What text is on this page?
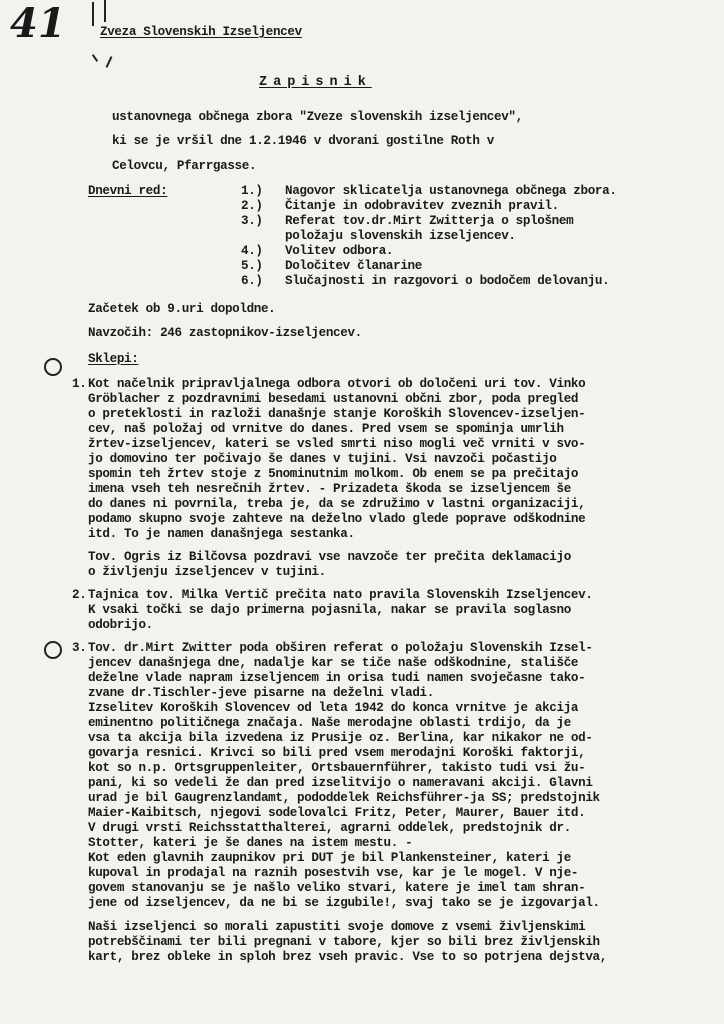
41	Zveza Slovenskih Izseljencev
Zapisnik
ustanovnega občnega zbora "Zveze slovenskih izseljencev",
ki se je vršil dne 1.2.1946 v dvorani gostilne Roth v
Celovcu, Pfarrgasse.
Dnevni red:	1.) Nagovor sklicatelja ustanovnega občnega zbora.
2.) Čitanje in odobravitev zveznih pravil.
3.) Referat tov.dr.Mirt Zwitterja o splošnem
položaju slovenskih izseljencev.
4.) Volitev odbora.
5.) Določitev članarine
6.) Slučajnosti in razgovori o bodočem delovanju.
Začetek ob 9.uri dopoldne.
Navzočih: 246 zastopnikov-izseljencev.
Sklepi:
1. Kot načelnik pripravljalnega odbora otvori ob določeni uri tov. Vinko
Gröblacher z pozdravnimi besedami ustanovni občni zbor, poda pregled
o preteklosti in razloži današnje stanje Koroških Slovencev-izseljen-
cev, naš položaj od vrnitve do danes. Pred vsem se spominja umrlih
žrtev-izseljencev, kateri se vsled smrti niso mogli več vrniti v svo-
jo domovino ter počivajo še danes v tujini. Vsi navzoči počastijo
spomin teh žrtev stoje z 5nominutnim molkom. Ob enem se pa prečitajo
imena vseh teh nesrečnih žrtev. - Prizadeta škoda se izseljencem še
do danes ni povrnila, treba je, da se združimo v lastni organizaciji,
podamo skupno svoje zahteve na deželno vlado glede poprave odškodnine
itd. To je namen današnjega sestanka.
Tov. Ogris iz Bilčovsa pozdravi vse navzoče ter prečita deklamacijo
o življenju izseljencev v tujini.
2. Tajnica tov. Milka Vertič prečita nato pravila Slovenskih Izseljencev.
K vsaki točki se dajo primerna pojasnila, nakar se pravila soglasno
odobrijo.
3. Tov. dr.Mirt Zwitter poda obširen referat o položaju Slovenskih Izsel-
jencev današnjega dne, nadalje kar se tiče naše odškodnine, stališče
deželne vlade napram izseljencem in orisa tudi namen svoječasne tako-
zvane dr.Tischler-jeve pisarne na deželni vladi.
Izselitev Koroških Slovencev od leta 1942 do konca vrnitve je akcija
eminentno političnega značaja. Naše merodajne oblasti trdijo, da je
vsa ta akcija bila izvedena iz Prusije oz. Berlina, kar nikakor ne od-
govarja resnici. Krivci so bili pred vsem merodajni Koroški faktorji,
kot so n.p. Ortsgruppenleiter, Ortsbauernführer, takisto tudi vsi žu-
pani, ki so vedeli že dan pred izselitvijo o nameravani akciji. Glavni
urad je bil Gaugrenzlandamt, pododdelek Reichsführer-ja SS; predstojnik
Maier-Kaibitsch, njegovi sodelovalci Fritz, Peter, Maurer, Bauer itd.
V drugi vrsti Reichsstatthalterei, agrarni oddelek, predstojnik dr.
Stotter, kateri je še danes na istem mestu. -
Kot eden glavnih zaupnikov pri DUT je bil Plankensteiner, kateri je
kupoval in prodajal na raznih posestvih vse, kar je le mogel. V nje-
govem stanovanju se je našlo veliko stvari, katere je imel tam shran-
jene od izseljencev, da ne bi se izgubile!, svaj tako se je izgovarjal.
Naši izseljenci so morali zapustiti svoje domove z vsemi življenskimi
potrebščinami ter bili pregnani v tabore, kjer so bili brez življenskih
kart, brez obleke in sploh brez vseh pravic. Vse to so potrjena dejstva,
